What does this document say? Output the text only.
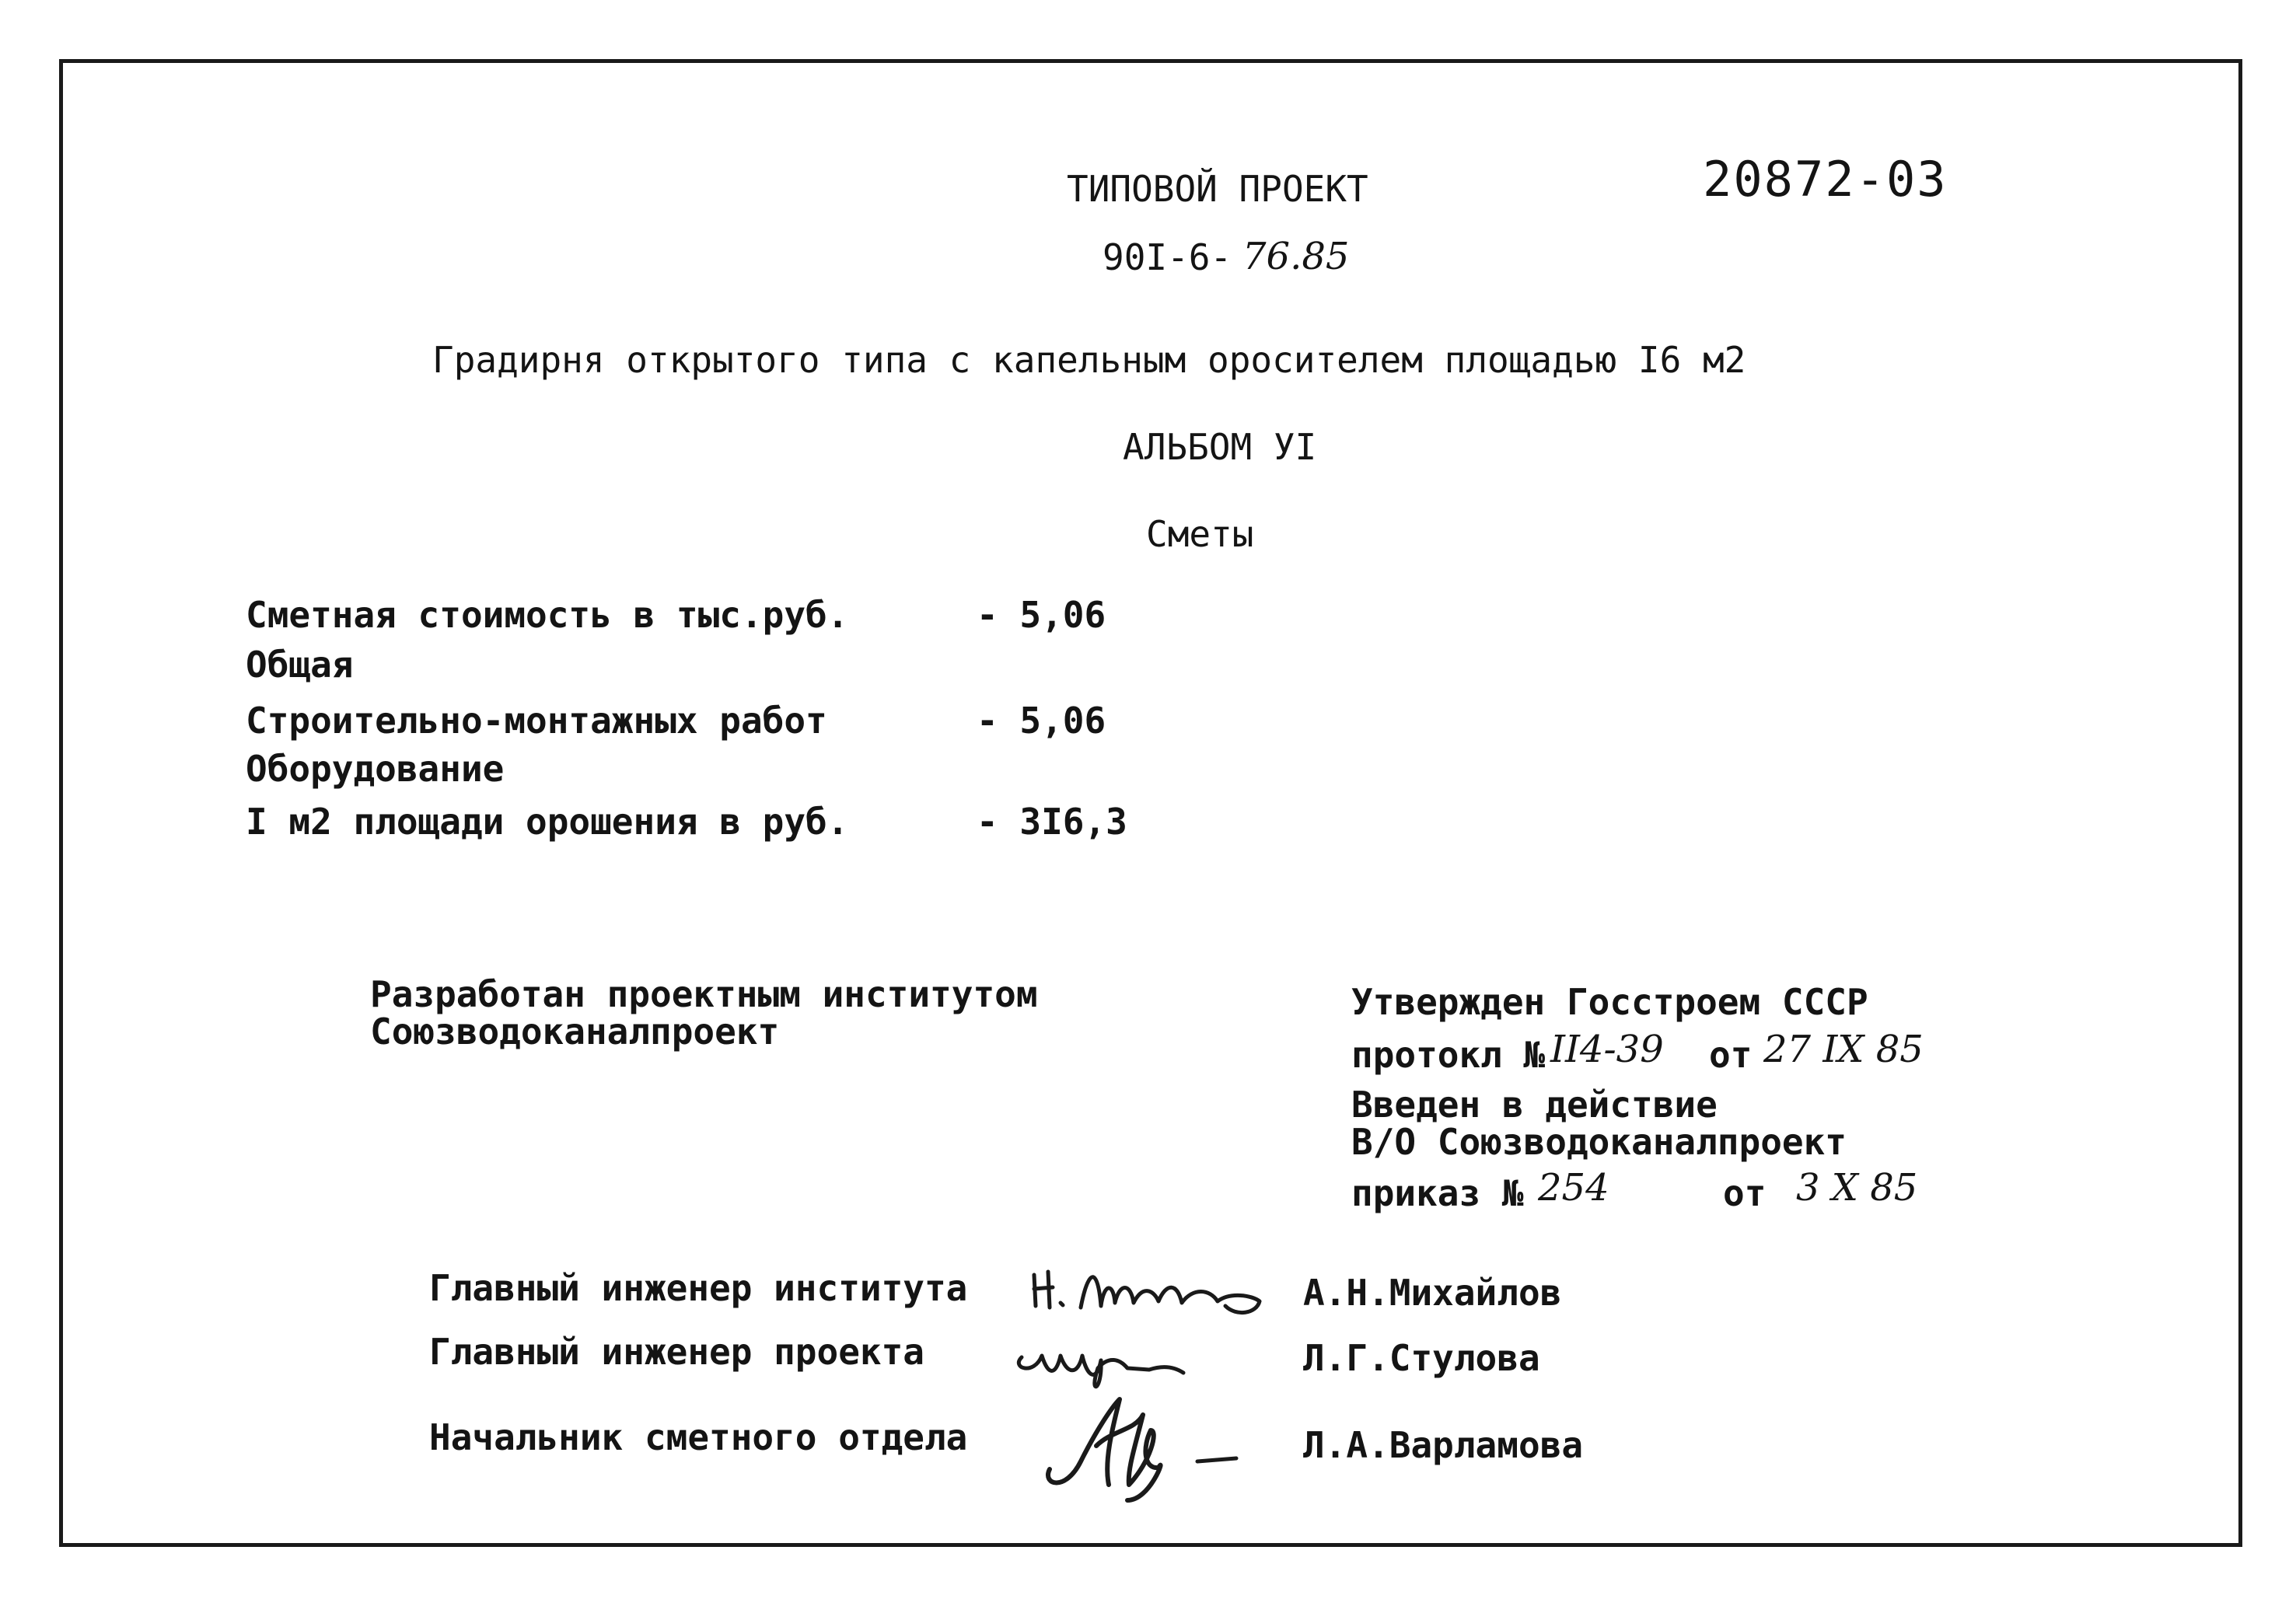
20872-03
ТИПОВОЙ ПРОЕКТ
90I-6- 76.85
Градирня открытого типа с капельным оросителем площадью I6 м2
АЛЬБОМ УI
Сметы
Сметная стоимость в тыс.руб.	- 5,06
Общая
Строительно-монтажных работ	- 5,06
Оборудование
I м2 площади орошения в руб.	- 3I6,3
Разработан проектным институтом
Союзводоканалпроект
Утвержден Госстроем СССР
протокл № II4-39 от 27 IX 85
Введен в действие
В/О Союзводоканалпроект
приказ № 254	от 3 X 85
Главный инженер института	А.Н.Михайлов
Главный инженер проекта	Л.Г.Стулова
Начальник сметного отдела	Л.А.Варламова
